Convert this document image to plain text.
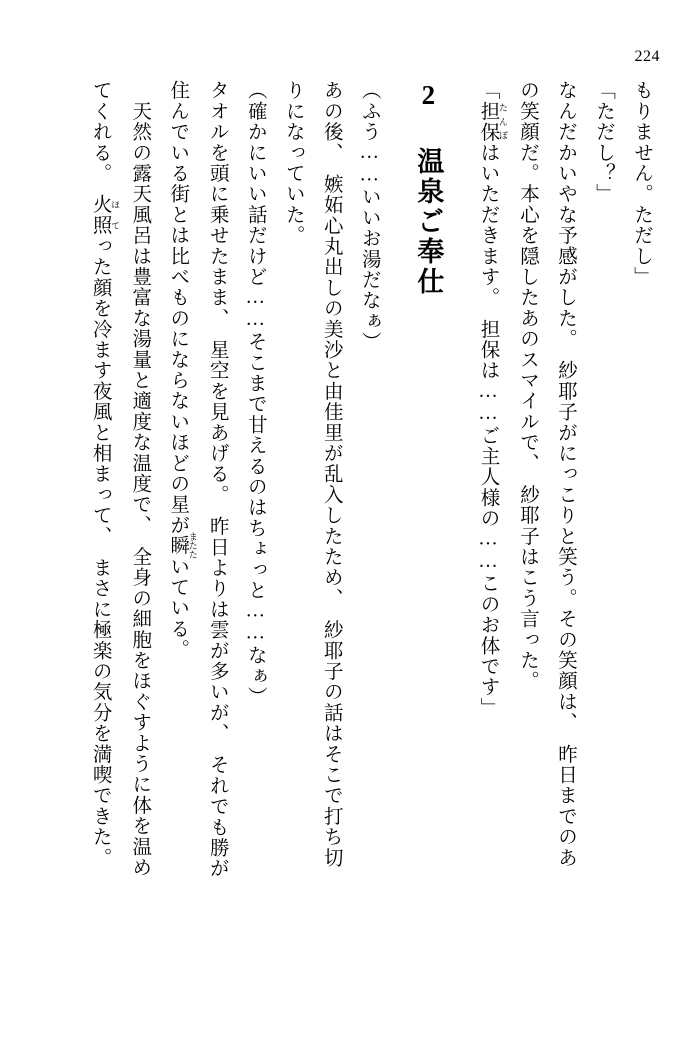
224
もりません。ただし」
「ただし？」
なんだかいやな予感がした。　紗耶子がにっこりと笑う。その笑顔は、　昨日までのあ
の笑顔だ。本心を隠したあのスマイルで、　紗耶子はこう言った。
「担保 たんぽはいただきます。　担保は……ご主人様の……このお体です」
2温泉ご奉仕
（ふう……いいお湯だなぁ）
あの後、　嫉妬心丸出しの美沙と由佳里が乱入したため、　紗耶子の話はそこで打ち切
りになっていた。
（確かにいい話だけど……そこまで甘えるのはちょっと……なぁ）
タオルを頭に乗せたまま、　星空を見あげる。　昨日よりは雲が多いが、　それでも勝が
住んでいる街とは比べものにならないほどの星が瞬 またたいている。
　天然の露天風呂は豊富な湯量と適度な温度で、　全身の細胞をほぐすように体を温め
てくれる。　火照 ほてった顔を冷ます夜風と相まって、　まさに極楽の気分を満喫できた。
